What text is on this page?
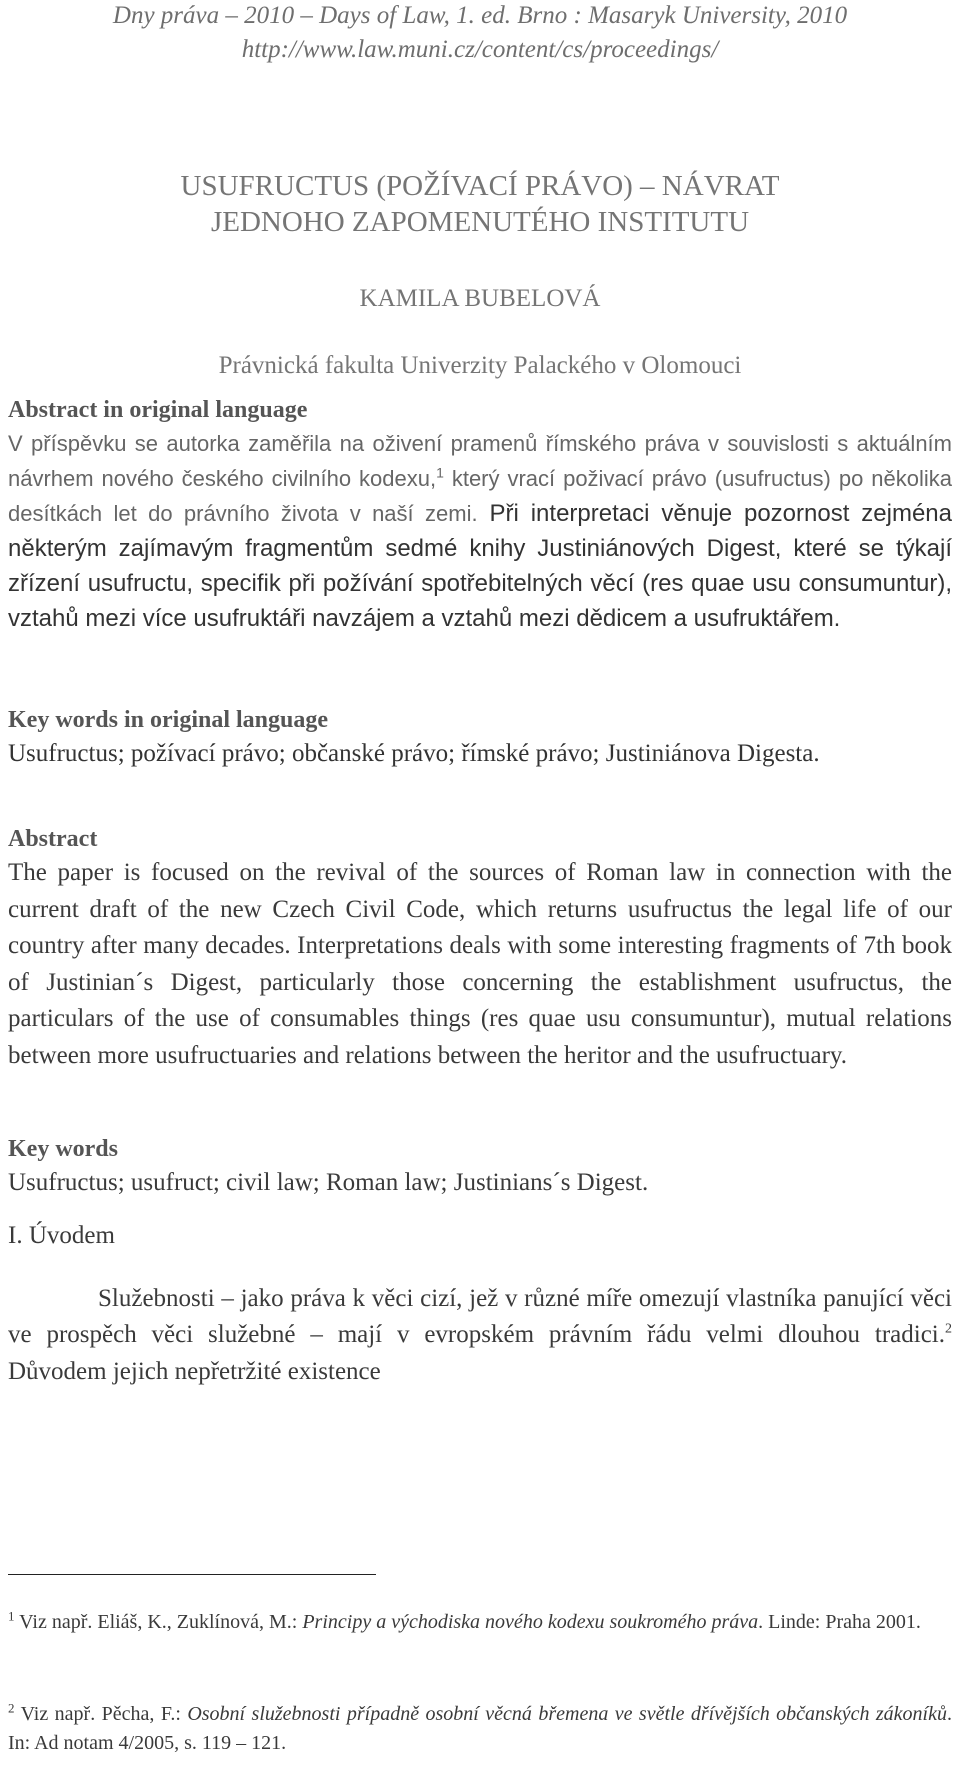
Dny práva – 2010 – Days of Law, 1. ed. Brno : Masaryk University, 2010
http://www.law.muni.cz/content/cs/proceedings/
USUFRUCTUS (POŽÍVACÍ PRÁVO) – NÁVRAT
JEDNOHO ZAPOMENUTÉHO INSTITUTU
KAMILA BUBELOVÁ
Právnická fakulta Univerzity Palackého v Olomouci
Abstract in original language
V příspěvku se autorka zaměřila na oživení pramenů římského práva v souvislosti s aktuálním návrhem nového českého civilního kodexu,$^1$ který vrací poživací právo (usufructus) po několika desítkách let do právního života v naší zemi. Při interpretaci věnuje pozornost zejména některým zajímavým fragmentům sedmé knihy Justiniánových Digest, které se týkají zřízení usufructu, specifik při požívání spotřebitelných věcí (res quae usu consumuntur), vztahů mezi více usufruktáři navzájem a vztahů mezi dědicem a usufruktářem.
Key words in original language
Usufructus; požívací právo; občanské právo; římské právo; Justiniánova Digesta.
Abstract
The paper is focused on the revival of the sources of Roman law in connection with the current draft of the new Czech Civil Code, which returns usufructus the legal life of our country after many decades. Interpretations deals with some interesting fragments of 7th book of Justinian´s Digest, particularly those concerning the establishment usufructus, the particulars of the use of consumables things (res quae usu consumuntur), mutual relations between more usufructuaries and relations between the heritor and the usufructuary.
Key words
Usufructus; usufruct; civil law; Roman law; Justinians´s Digest.
I. Úvodem
Služebnosti – jako práva k věci cizí, jež v různé míře omezují vlastníka panující věci ve prospěch věci služebné – mají v evropském právním řádu velmi dlouhou tradici.$^2$ Důvodem jejich nepřetržité existence
$^1$ Viz např. Eliáš, K., Zuklínová, M.: Principy a východiska nového kodexu soukromého práva. Linde: Praha 2001.
$^2$ Viz např. Pěcha, F.: Osobní služebnosti případně osobní věcná břemena ve světle dřívějších občanských zákoníků. In: Ad notam 4/2005, s. 119 – 121.
